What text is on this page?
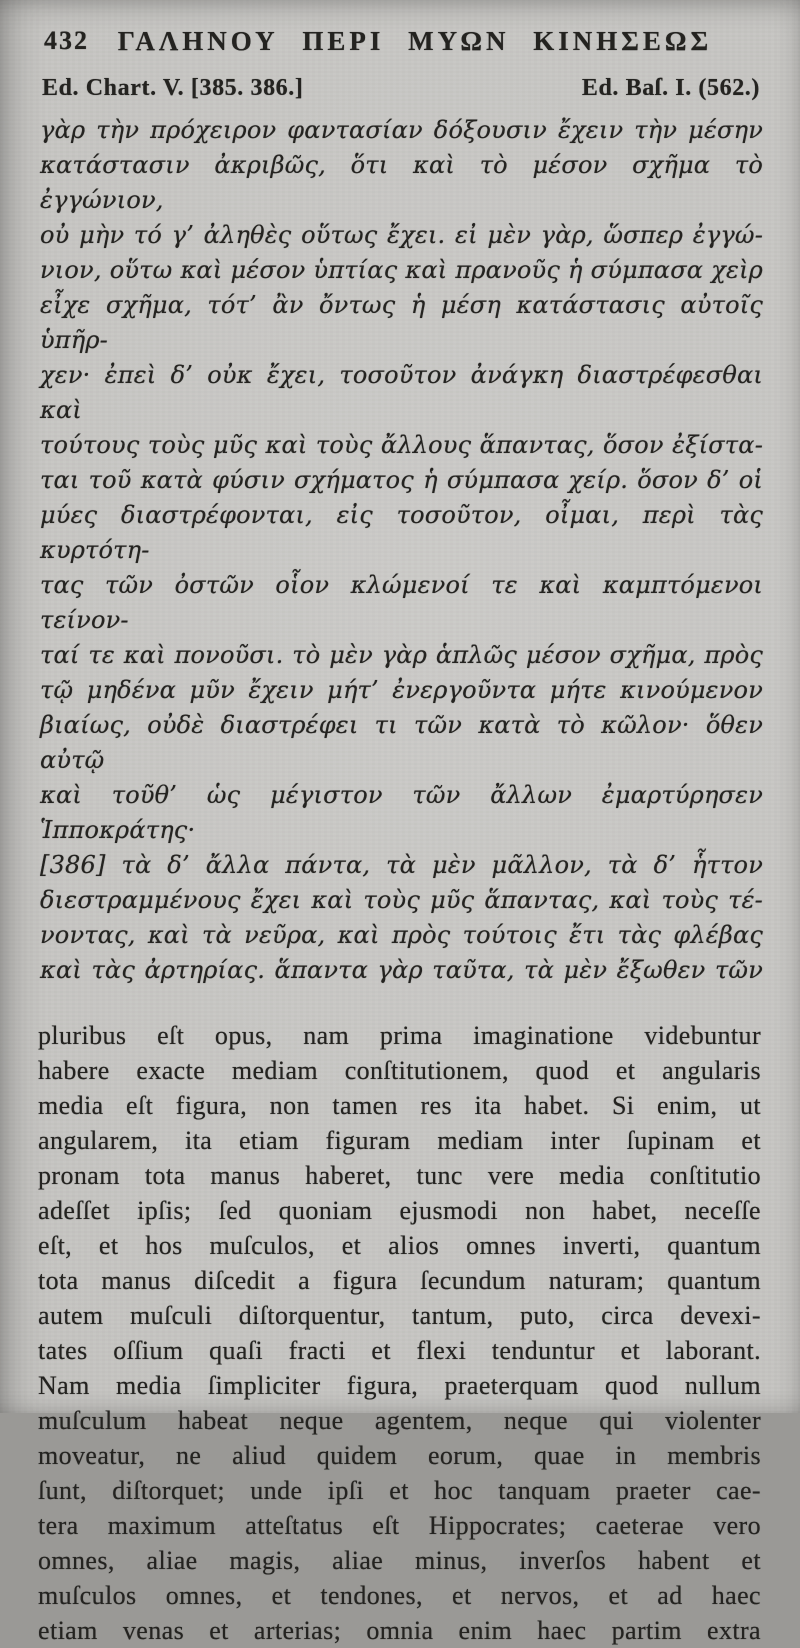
432	ΓΑΛΗΝΟΥ ΠΕΡΙ ΜΥΩΝ ΚΙΝΗΣΕΩΣ
Ed. Chart. V. [385. 386.]	Ed. Baſ. I. (562.)
γὰρ τὴν πρόχειρον φαντασίαν δόξουσιν ἔχειν τὴν μέσην
κατάστασιν ἀκριβῶς, ὅτι καὶ τὸ μέσον σχῆμα τὸ ἐγγώνιον,
οὐ μὴν τό γ’ ἀληθὲς οὕτως ἔχει. εἰ μὲν γὰρ, ὥσπερ ἐγγώ-
νιον, οὕτω καὶ μέσον ὑπτίας καὶ πρανοῦς ἡ σύμπασα χεὶρ
εἶχε σχῆμα, τότ’ ἂν ὄντως ἡ μέση κατάστασις αὐτοῖς ὑπῆρ-
χεν· ἐπεὶ δ’ οὐκ ἔχει, τοσοῦτον ἀνάγκη διαστρέφεσθαι καὶ
τούτους τοὺς μῦς καὶ τοὺς ἄλλους ἅπαντας, ὅσον ἐξίστα-
ται τοῦ κατὰ φύσιν σχήματος ἡ σύμπασα χείρ. ὅσον δ’ οἱ
μύες διαστρέφονται, εἰς τοσοῦτον, οἶμαι, περὶ τὰς κυρτότη-
τας τῶν ὀστῶν οἷον κλώμενοί τε καὶ καμπτόμενοι τείνον-
ταί τε καὶ πονοῦσι. τὸ μὲν γὰρ ἁπλῶς μέσον σχῆμα, πρὸς
τῷ μηδένα μῦν ἔχειν μήτ’ ἐνεργοῦντα μήτε κινούμενον
βιαίως, οὐδὲ διαστρέφει τι τῶν κατὰ τὸ κῶλον· ὅθεν αὐτῷ
καὶ τοῦθ’ ὡς μέγιστον τῶν ἄλλων ἐμαρτύρησεν Ἱπποκράτης·
[386] τὰ δ’ ἄλλα πάντα, τὰ μὲν μᾶλλον, τὰ δ’ ἧττον
διεστραμμένους ἔχει καὶ τοὺς μῦς ἅπαντας, καὶ τοὺς τέ-
νοντας, καὶ τὰ νεῦρα, καὶ πρὸς τούτοις ἔτι τὰς φλέβας
καὶ τὰς ἀρτηρίας. ἅπαντα γὰρ ταῦτα, τὰ μὲν ἔξωθεν τῶν
pluribus eſt opus, nam prima imaginatione videbuntur
habere exacte mediam conſtitutionem, quod et angularis
media eſt figura, non tamen res ita habet. Si enim, ut
angularem, ita etiam figuram mediam inter ſupinam et
pronam tota manus haberet, tunc vere media conſtitutio
adeſſet ipſis; ſed quoniam ejusmodi non habet, neceſſe
eſt, et hos muſculos, et alios omnes inverti, quantum
tota manus diſcedit a figura ſecundum naturam; quantum
autem muſculi diſtorquentur, tantum, puto, circa devexi-
tates oſſium quaſi fracti et flexi tenduntur et laborant.
Nam media ſimpliciter figura, praeterquam quod nullum
muſculum habeat neque agentem, neque qui violenter
moveatur, ne aliud quidem eorum, quae in membris
ſunt, diſtorquet; unde ipſi et hoc tanquam praeter cae-
tera maximum atteſtatus eſt Hippocrates; caeterae vero
omnes, aliae magis, aliae minus, inverſos habent et
muſculos omnes, et tendones, et nervos, et ad haec
etiam venas et arterias; omnia enim haec partim extra
